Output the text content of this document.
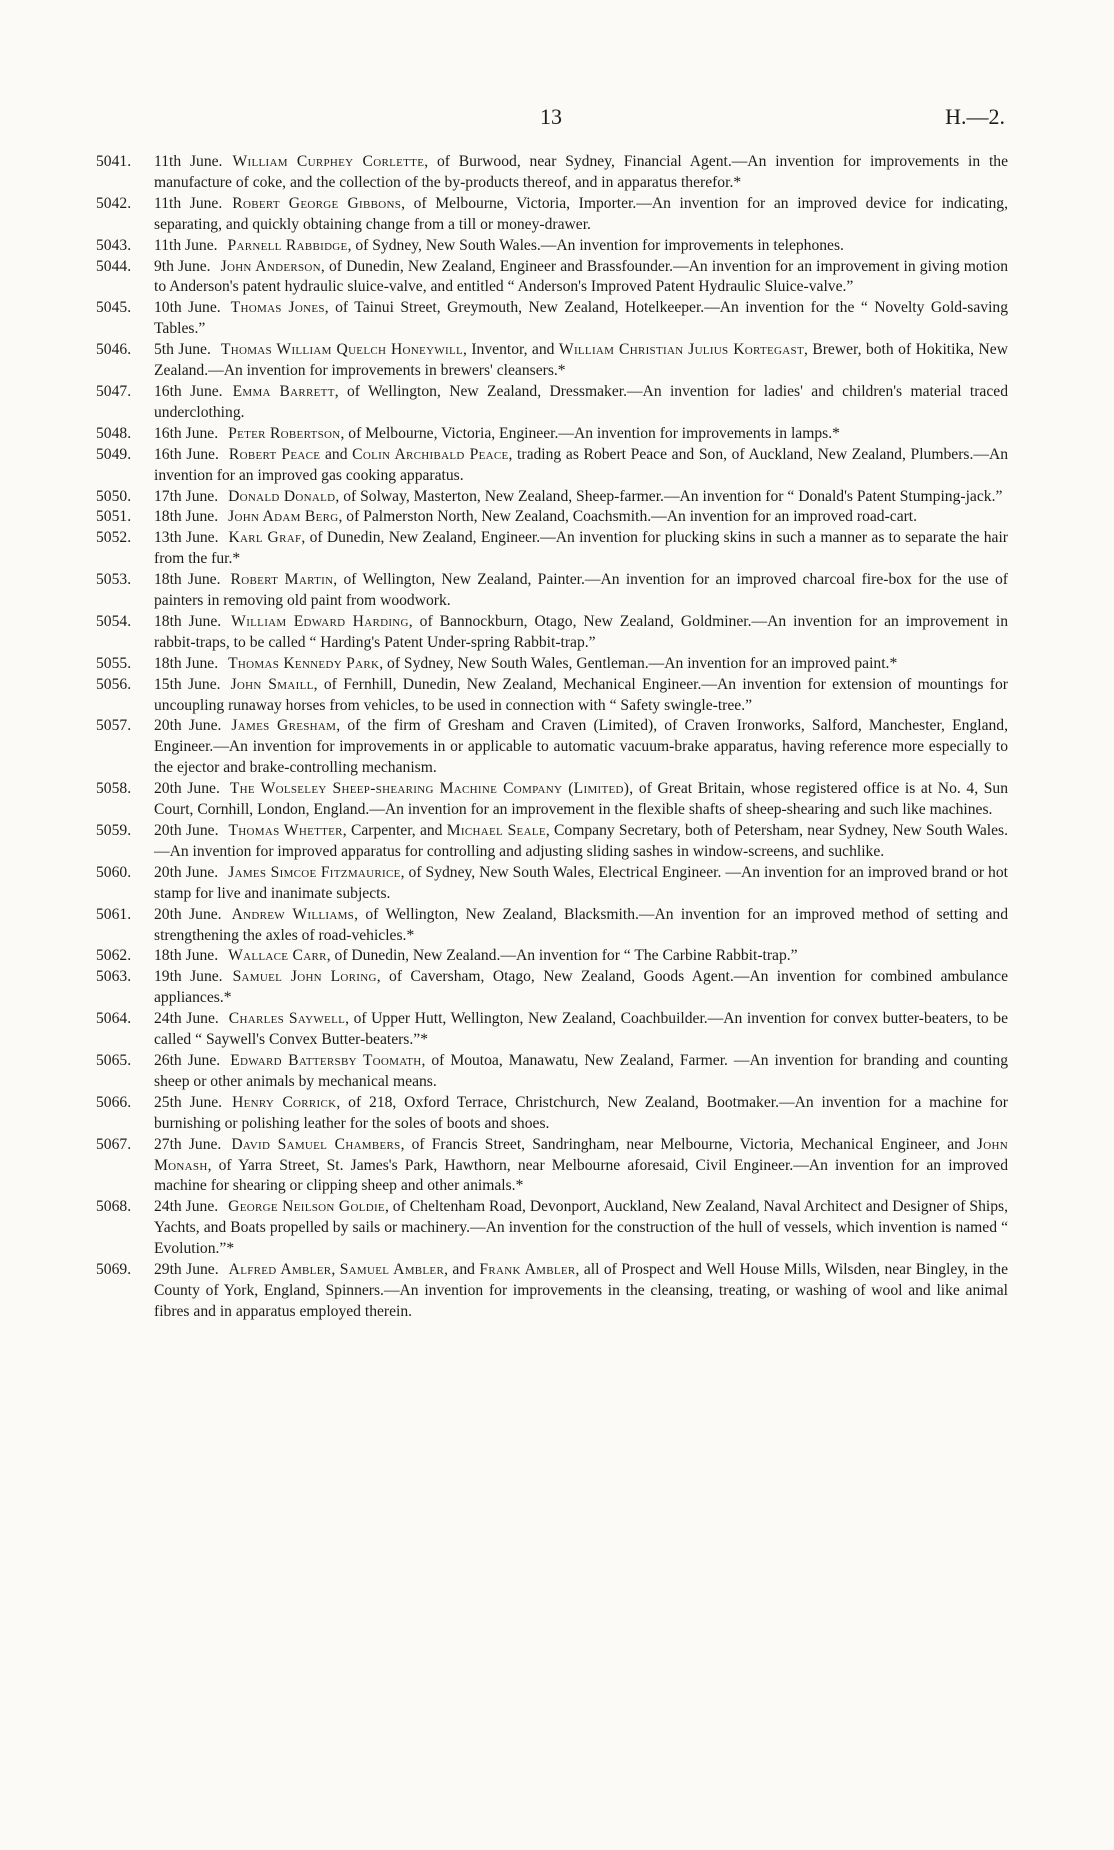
13	H.—2.
5041. 11th June. William Curphey Corlette, of Burwood, near Sydney, Financial Agent.—An invention for improvements in the manufacture of coke, and the collection of the by-products thereof, and in apparatus therefor.*
5042. 11th June. Robert George Gibbons, of Melbourne, Victoria, Importer.—An invention for an improved device for indicating, separating, and quickly obtaining change from a till or money-drawer.
5043. 11th June. Parnell Rabbidge, of Sydney, New South Wales.—An invention for improvements in telephones.
5044. 9th June. John Anderson, of Dunedin, New Zealand, Engineer and Brassfounder.—An invention for an improvement in giving motion to Anderson's patent hydraulic sluice-valve, and entitled “ Anderson's Improved Patent Hydraulic Sluice-valve.”
5045. 10th June. Thomas Jones, of Tainui Street, Greymouth, New Zealand, Hotelkeeper.—An invention for the “ Novelty Gold-saving Tables.”
5046. 5th June. Thomas William Quelch Honeywill, Inventor, and William Christian Julius Kortegast, Brewer, both of Hokitika, New Zealand.—An invention for improvements in brewers' cleansers.*
5047. 16th June. Emma Barrett, of Wellington, New Zealand, Dressmaker.—An invention for ladies' and children's material traced underclothing.
5048. 16th June. Peter Robertson, of Melbourne, Victoria, Engineer.—An invention for improvements in lamps.*
5049. 16th June. Robert Peace and Colin Archibald Peace, trading as Robert Peace and Son, of Auckland, New Zealand, Plumbers.—An invention for an improved gas cooking apparatus.
5050. 17th June. Donald Donald, of Solway, Masterton, New Zealand, Sheep-farmer.—An invention for “ Donald's Patent Stumping-jack.”
5051. 18th June. John Adam Berg, of Palmerston North, New Zealand, Coachsmith.—An invention for an improved road-cart.
5052. 13th June. Karl Graf, of Dunedin, New Zealand, Engineer.—An invention for plucking skins in such a manner as to separate the hair from the fur.*
5053. 18th June. Robert Martin, of Wellington, New Zealand, Painter.—An invention for an improved charcoal fire-box for the use of painters in removing old paint from woodwork.
5054. 18th June. William Edward Harding, of Bannockburn, Otago, New Zealand, Goldminer.—An invention for an improvement in rabbit-traps, to be called “ Harding's Patent Under-spring Rabbit-trap.”
5055. 18th June. Thomas Kennedy Park, of Sydney, New South Wales, Gentleman.—An invention for an improved paint.*
5056. 15th June. John Smaill, of Fernhill, Dunedin, New Zealand, Mechanical Engineer.—An invention for extension of mountings for uncoupling runaway horses from vehicles, to be used in connection with “ Safety swingle-tree.”
5057. 20th June. James Gresham, of the firm of Gresham and Craven (Limited), of Craven Ironworks, Salford, Manchester, England, Engineer.—An invention for improvements in or applicable to automatic vacuum-brake apparatus, having reference more especially to the ejector and brake-controlling mechanism.
5058. 20th June. The Wolseley Sheep-shearing Machine Company (Limited), of Great Britain, whose registered office is at No. 4, Sun Court, Cornhill, London, England.—An invention for an improvement in the flexible shafts of sheep-shearing and such like machines.
5059. 20th June. Thomas Whetter, Carpenter, and Michael Seale, Company Secretary, both of Petersham, near Sydney, New South Wales.—An invention for improved apparatus for controlling and adjusting sliding sashes in window-screens, and suchlike.
5060. 20th June. James Simcoe Fitzmaurice, of Sydney, New South Wales, Electrical Engineer. —An invention for an improved brand or hot stamp for live and inanimate subjects.
5061. 20th June. Andrew Williams, of Wellington, New Zealand, Blacksmith.—An invention for an improved method of setting and strengthening the axles of road-vehicles.*
5062. 18th June. Wallace Carr, of Dunedin, New Zealand.—An invention for “ The Carbine Rabbit-trap.”
5063. 19th June. Samuel John Loring, of Caversham, Otago, New Zealand, Goods Agent.—An invention for combined ambulance appliances.*
5064. 24th June. Charles Saywell, of Upper Hutt, Wellington, New Zealand, Coachbuilder.—An invention for convex butter-beaters, to be called “ Saywell's Convex Butter-beaters.”*
5065. 26th June. Edward Battersby Toomath, of Moutoa, Manawatu, New Zealand, Farmer. —An invention for branding and counting sheep or other animals by mechanical means.
5066. 25th June. Henry Corrick, of 218, Oxford Terrace, Christchurch, New Zealand, Bootmaker.—An invention for a machine for burnishing or polishing leather for the soles of boots and shoes.
5067. 27th June. David Samuel Chambers, of Francis Street, Sandringham, near Melbourne, Victoria, Mechanical Engineer, and John Monash, of Yarra Street, St. James's Park, Hawthorn, near Melbourne aforesaid, Civil Engineer.—An invention for an improved machine for shearing or clipping sheep and other animals.*
5068. 24th June. George Neilson Goldie, of Cheltenham Road, Devonport, Auckland, New Zealand, Naval Architect and Designer of Ships, Yachts, and Boats propelled by sails or machinery.—An invention for the construction of the hull of vessels, which invention is named “ Evolution.”*
5069. 29th June. Alfred Ambler, Samuel Ambler, and Frank Ambler, all of Prospect and Well House Mills, Wilsden, near Bingley, in the County of York, England, Spinners.—An invention for improvements in the cleansing, treating, or washing of wool and like animal fibres and in apparatus employed therein.
